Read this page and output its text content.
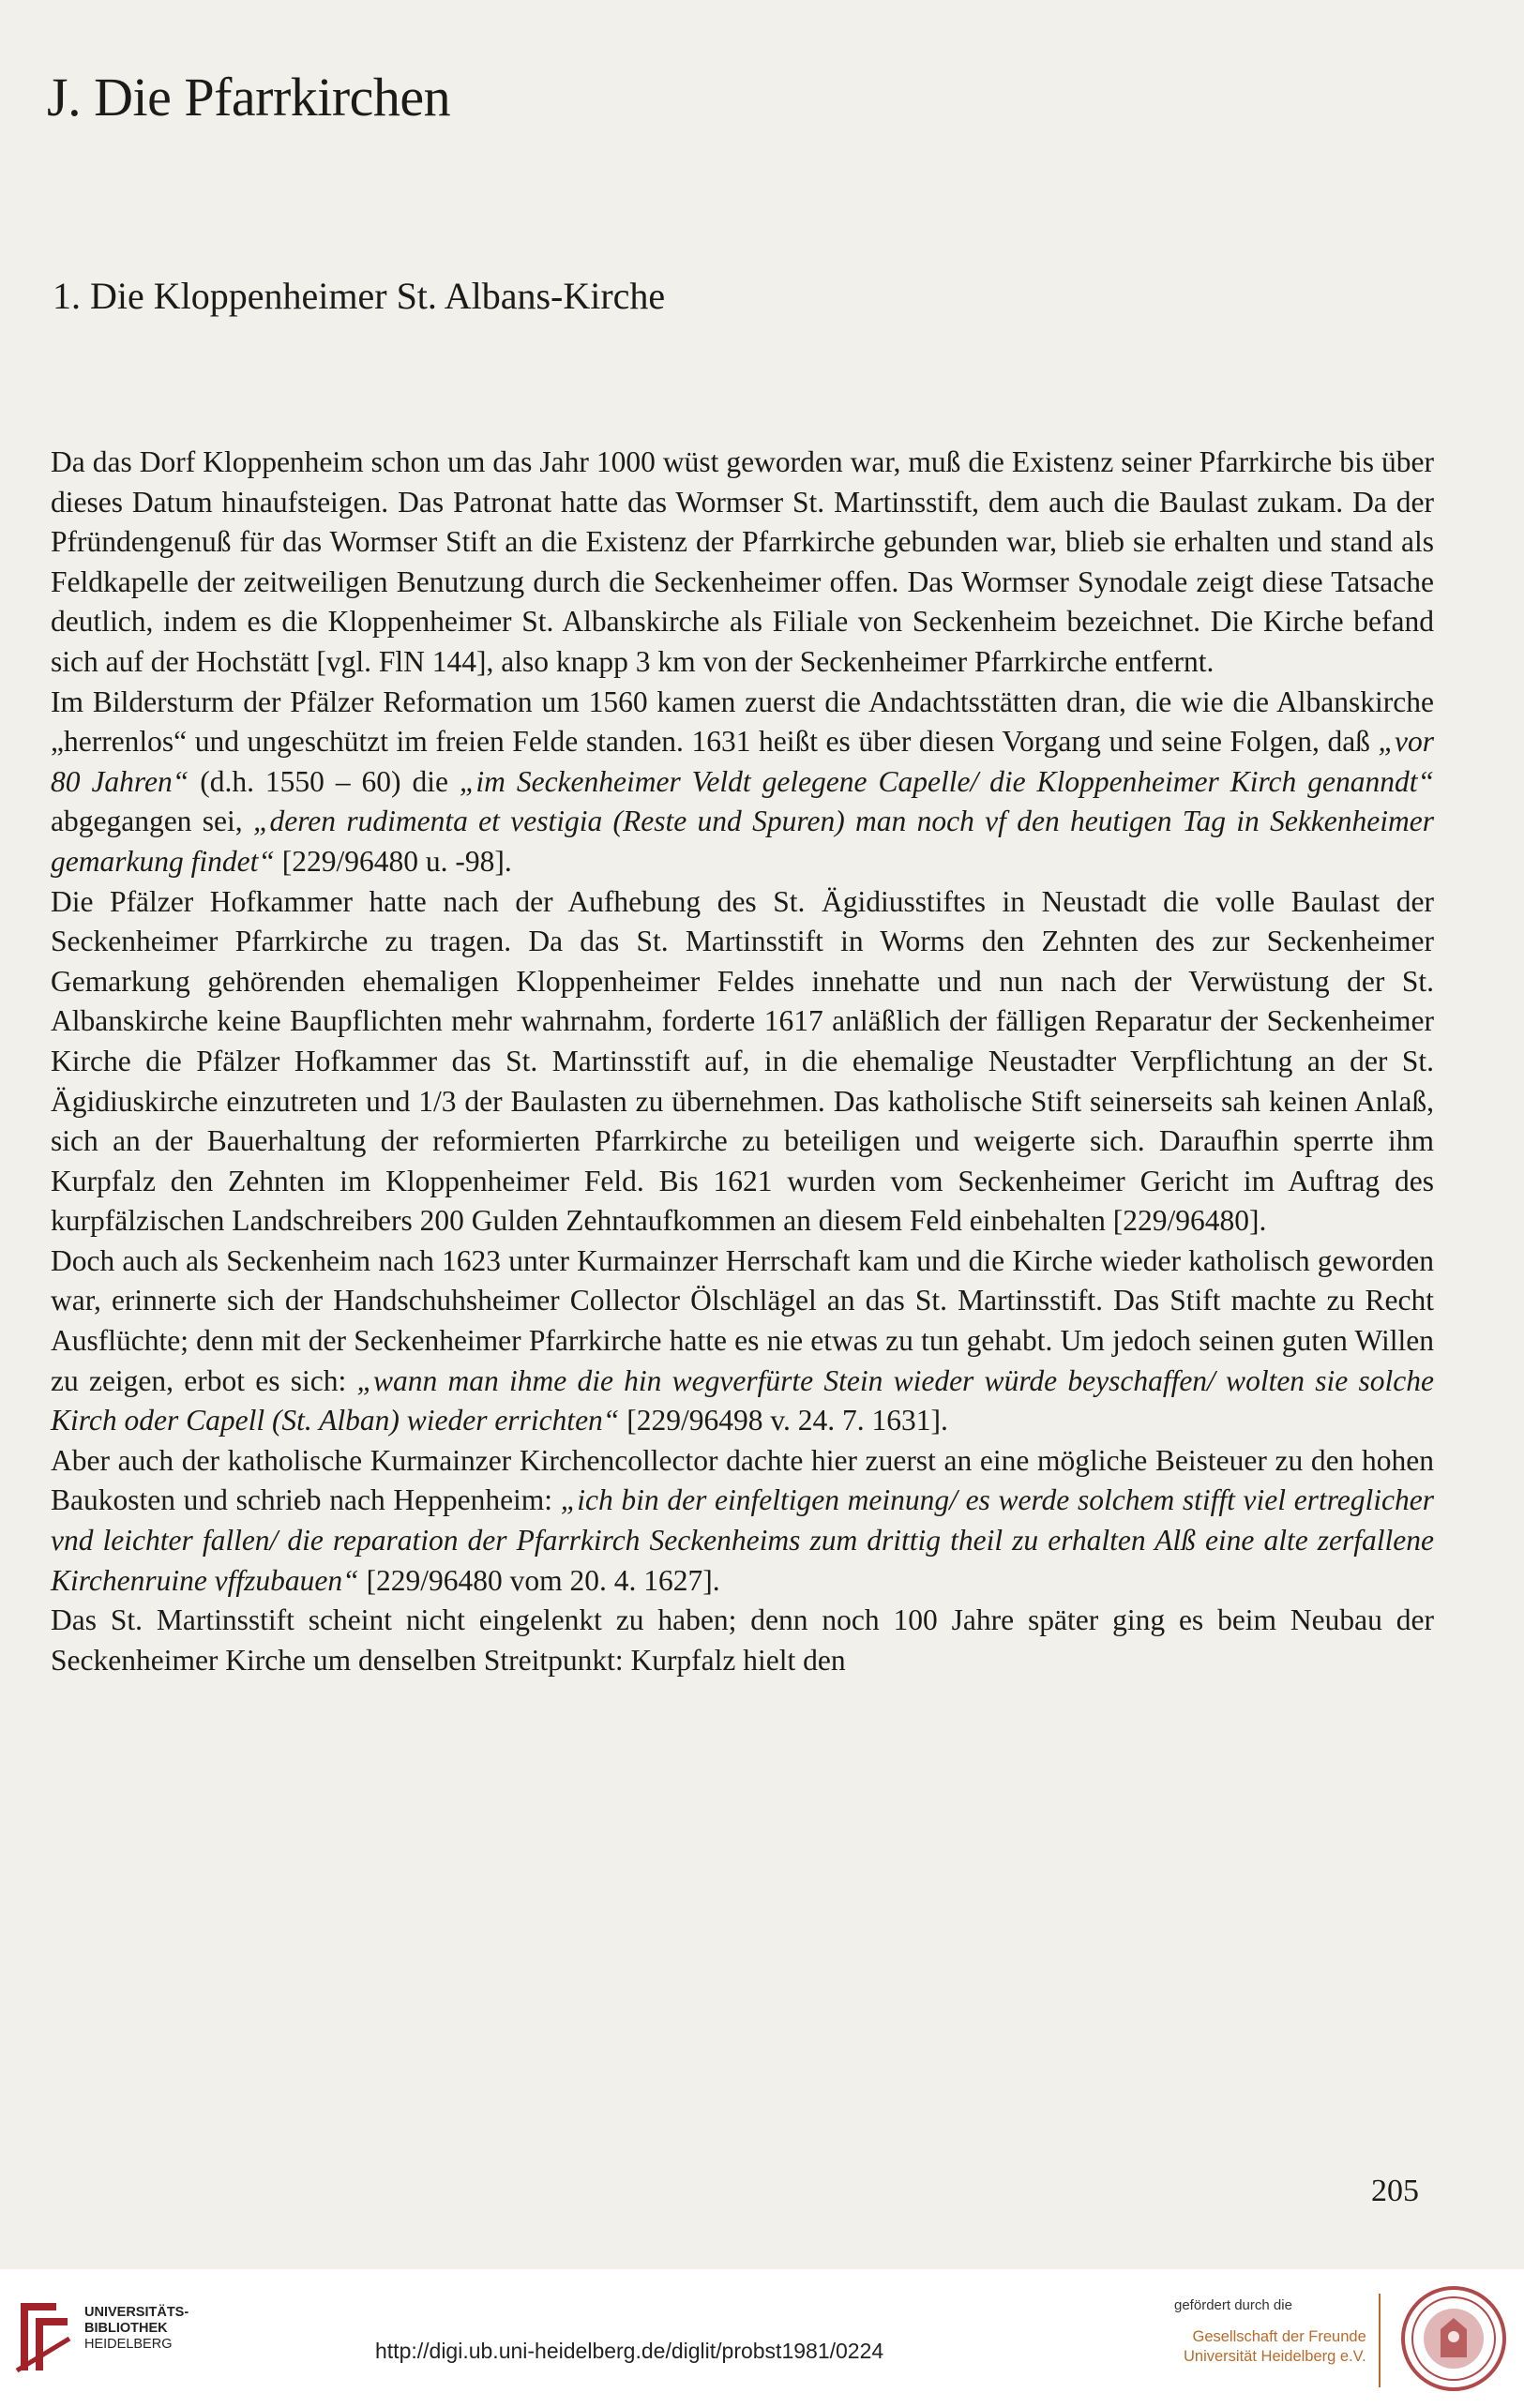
J. Die Pfarrkirchen
1. Die Kloppenheimer St. Albans-Kirche

Da das Dorf Kloppenheim schon um das Jahr 1000 wüst geworden war, muß die Existenz seiner Pfarrkirche bis über dieses Datum hinaufsteigen. Das Patronat hatte das Wormser St. Martinsstift, dem auch die Baulast zukam. Da der Pfründengenuß für das Wormser Stift an die Existenz der Pfarrkirche gebunden war, blieb sie erhalten und stand als Feldkapelle der zeitweiligen Benutzung durch die Seckenheimer offen. Das Wormser Synodale zeigt diese Tatsache deutlich, indem es die Kloppenheimer St. Albanskirche als Filiale von Seckenheim bezeichnet. Die Kirche befand sich auf der Hochstätt [vgl. FlN 144], also knapp 3 km von der Seckenheimer Pfarrkirche entfernt.

Im Bildersturm der Pfälzer Reformation um 1560 kamen zuerst die Andachtsstätten dran, die wie die Albanskirche „herrenlos“ und ungeschützt im freien Felde standen. 1631 heißt es über diesen Vorgang und seine Folgen, daß „vor 80 Jahren“ (d.h. 1550 – 60) die „im Seckenheimer Veldt gelegene Capelle/ die Kloppenheimer Kirch genanndt“ abgegangen sei, „deren rudimenta et vestigia (Reste und Spuren) man noch vf den heutigen Tag in Sekkenheimer gemarkung findet“ [229/96480 u. -98].

Die Pfälzer Hofkammer hatte nach der Aufhebung des St. Ägidiusstiftes in Neustadt die volle Baulast der Seckenheimer Pfarrkirche zu tragen. Da das St. Martinsstift in Worms den Zehnten des zur Seckenheimer Gemarkung gehörenden ehemaligen Kloppenheimer Feldes innehatte und nun nach der Verwüstung der St. Albanskirche keine Baupflichten mehr wahrnahm, forderte 1617 anläßlich der fälligen Reparatur der Seckenheimer Kirche die Pfälzer Hofkammer das St. Martinsstift auf, in die ehemalige Neustadter Verpflichtung an der St. Ägidiuskirche einzutreten und 1/3 der Baulasten zu übernehmen. Das katholische Stift seinerseits sah keinen Anlaß, sich an der Bauerhaltung der reformierten Pfarrkirche zu beteiligen und weigerte sich. Daraufhin sperrte ihm Kurpfalz den Zehnten im Kloppenheimer Feld. Bis 1621 wurden vom Seckenheimer Gericht im Auftrag des kurpfälzischen Landschreibers 200 Gulden Zehntaufkommen an diesem Feld einbehalten [229/96480].

Doch auch als Seckenheim nach 1623 unter Kurmainzer Herrschaft kam und die Kirche wieder katholisch geworden war, erinnerte sich der Handschuhsheimer Collector Ölschlägel an das St. Martinsstift. Das Stift machte zu Recht Ausflüchte; denn mit der Seckenheimer Pfarrkirche hatte es nie etwas zu tun gehabt. Um jedoch seinen guten Willen zu zeigen, erbot es sich: „wann man ihme die hin wegverfürte Stein wieder würde beyschaffen/ wolten sie solche Kirch oder Capell (St. Alban) wieder errichten“ [229/96498 v. 24. 7. 1631].

Aber auch der katholische Kurmainzer Kirchencollector dachte hier zuerst an eine mögliche Beisteuer zu den hohen Baukosten und schrieb nach Heppenheim: „ich bin der einfeltigen meinung/ es werde solchem stifft viel ertreglicher vnd leichter fallen/ die reparation der Pfarrkirch Seckenheims zum drittig theil zu erhalten Alß eine alte zerfallene Kirchenruine vffzubauen“ [229/96480 vom 20. 4. 1627].

Das St. Martinsstift scheint nicht eingelenkt zu haben; denn noch 100 Jahre später ging es beim Neubau der Seckenheimer Kirche um denselben Streitpunkt: Kurpfalz hielt den

205
UNIVERSITÄTS-
BIBLIOTHEK
HEIDELBERG	http://digi.ub.uni-heidelberg.de/diglit/probst1981/0224
gefördert durch die
Gesellschaft der Freunde
Universität Heidelberg e.V.
